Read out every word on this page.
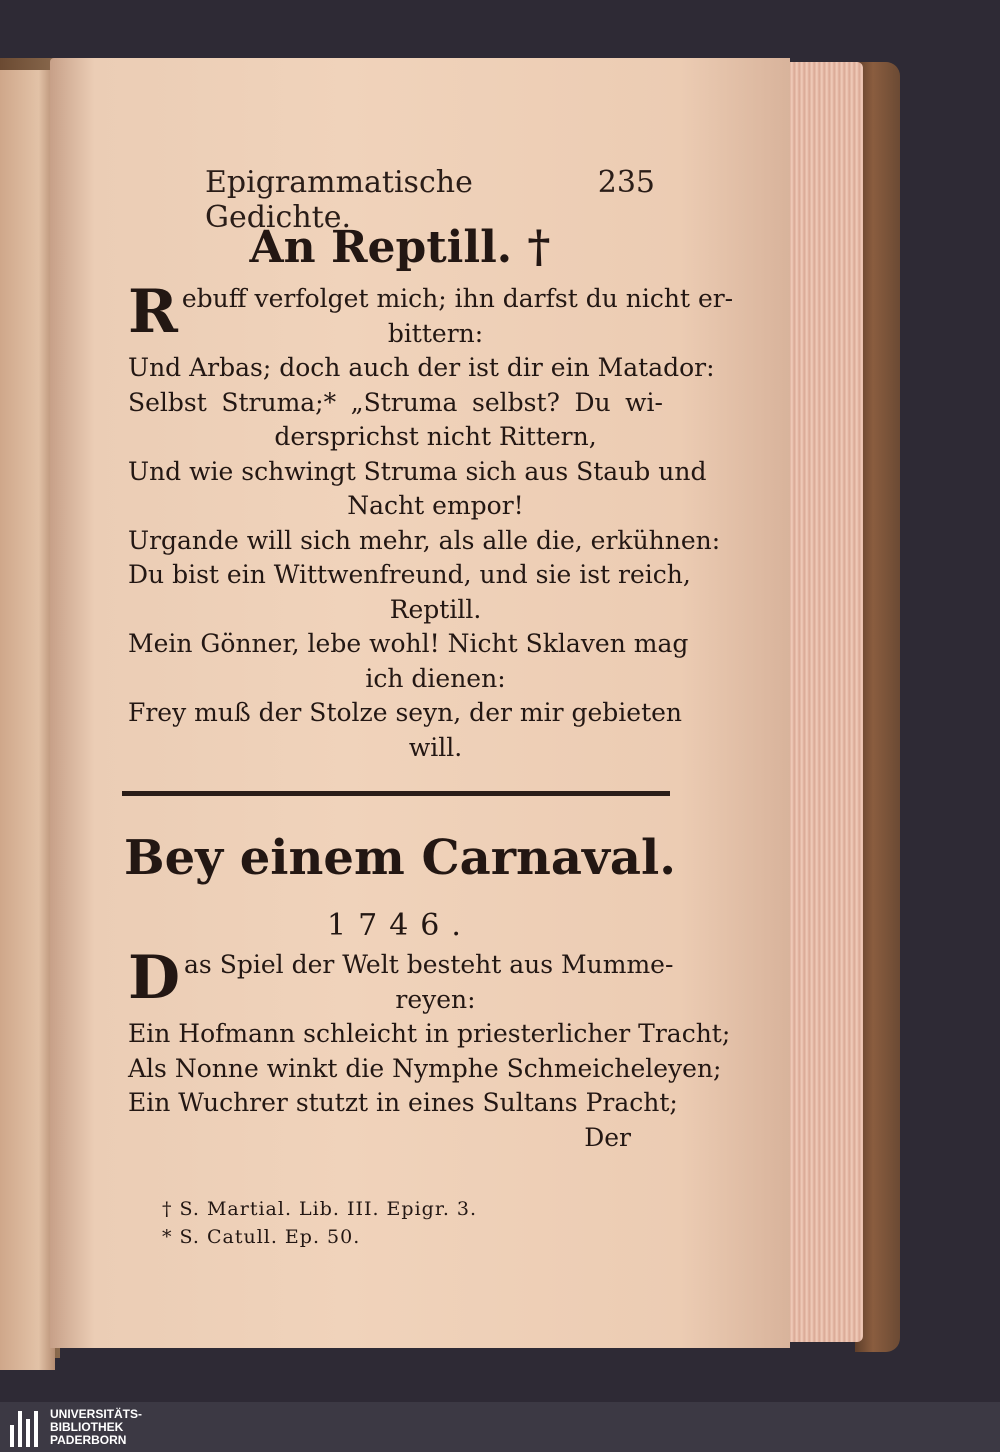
Epigrammatische Gedichte.
235
An Reptill. †
Rebuff verfolget mich; ihn darfst du nicht er-
bittern:
Und Arbas; doch auch der ist dir ein Matador:
Selbst Struma;* „Struma selbst? Du wi-
dersprichst nicht Rittern,
Und wie schwingt Struma sich aus Staub und
Nacht empor!
Urgande will sich mehr, als alle die, erkühnen:
Du bist ein Wittwenfreund, und sie ist reich,
Reptill.
Mein Gönner, lebe wohl! Nicht Sklaven mag
ich dienen:
Frey muß der Stolze seyn, der mir gebieten
will.
Bey einem Carnaval.
1746.
Das Spiel der Welt besteht aus Mumme-
reyen:
Ein Hofmann schleicht in priesterlicher Tracht;
Als Nonne winkt die Nymphe Schmeicheleyen;
Ein Wuchrer stutzt in eines Sultans Pracht;
Der
† S. Martial. Lib. III. Epigr. 3.
* S. Catull. Ep. 50.
UNIVERSITÄTS-
BIBLIOTHEK
PADERBORN
